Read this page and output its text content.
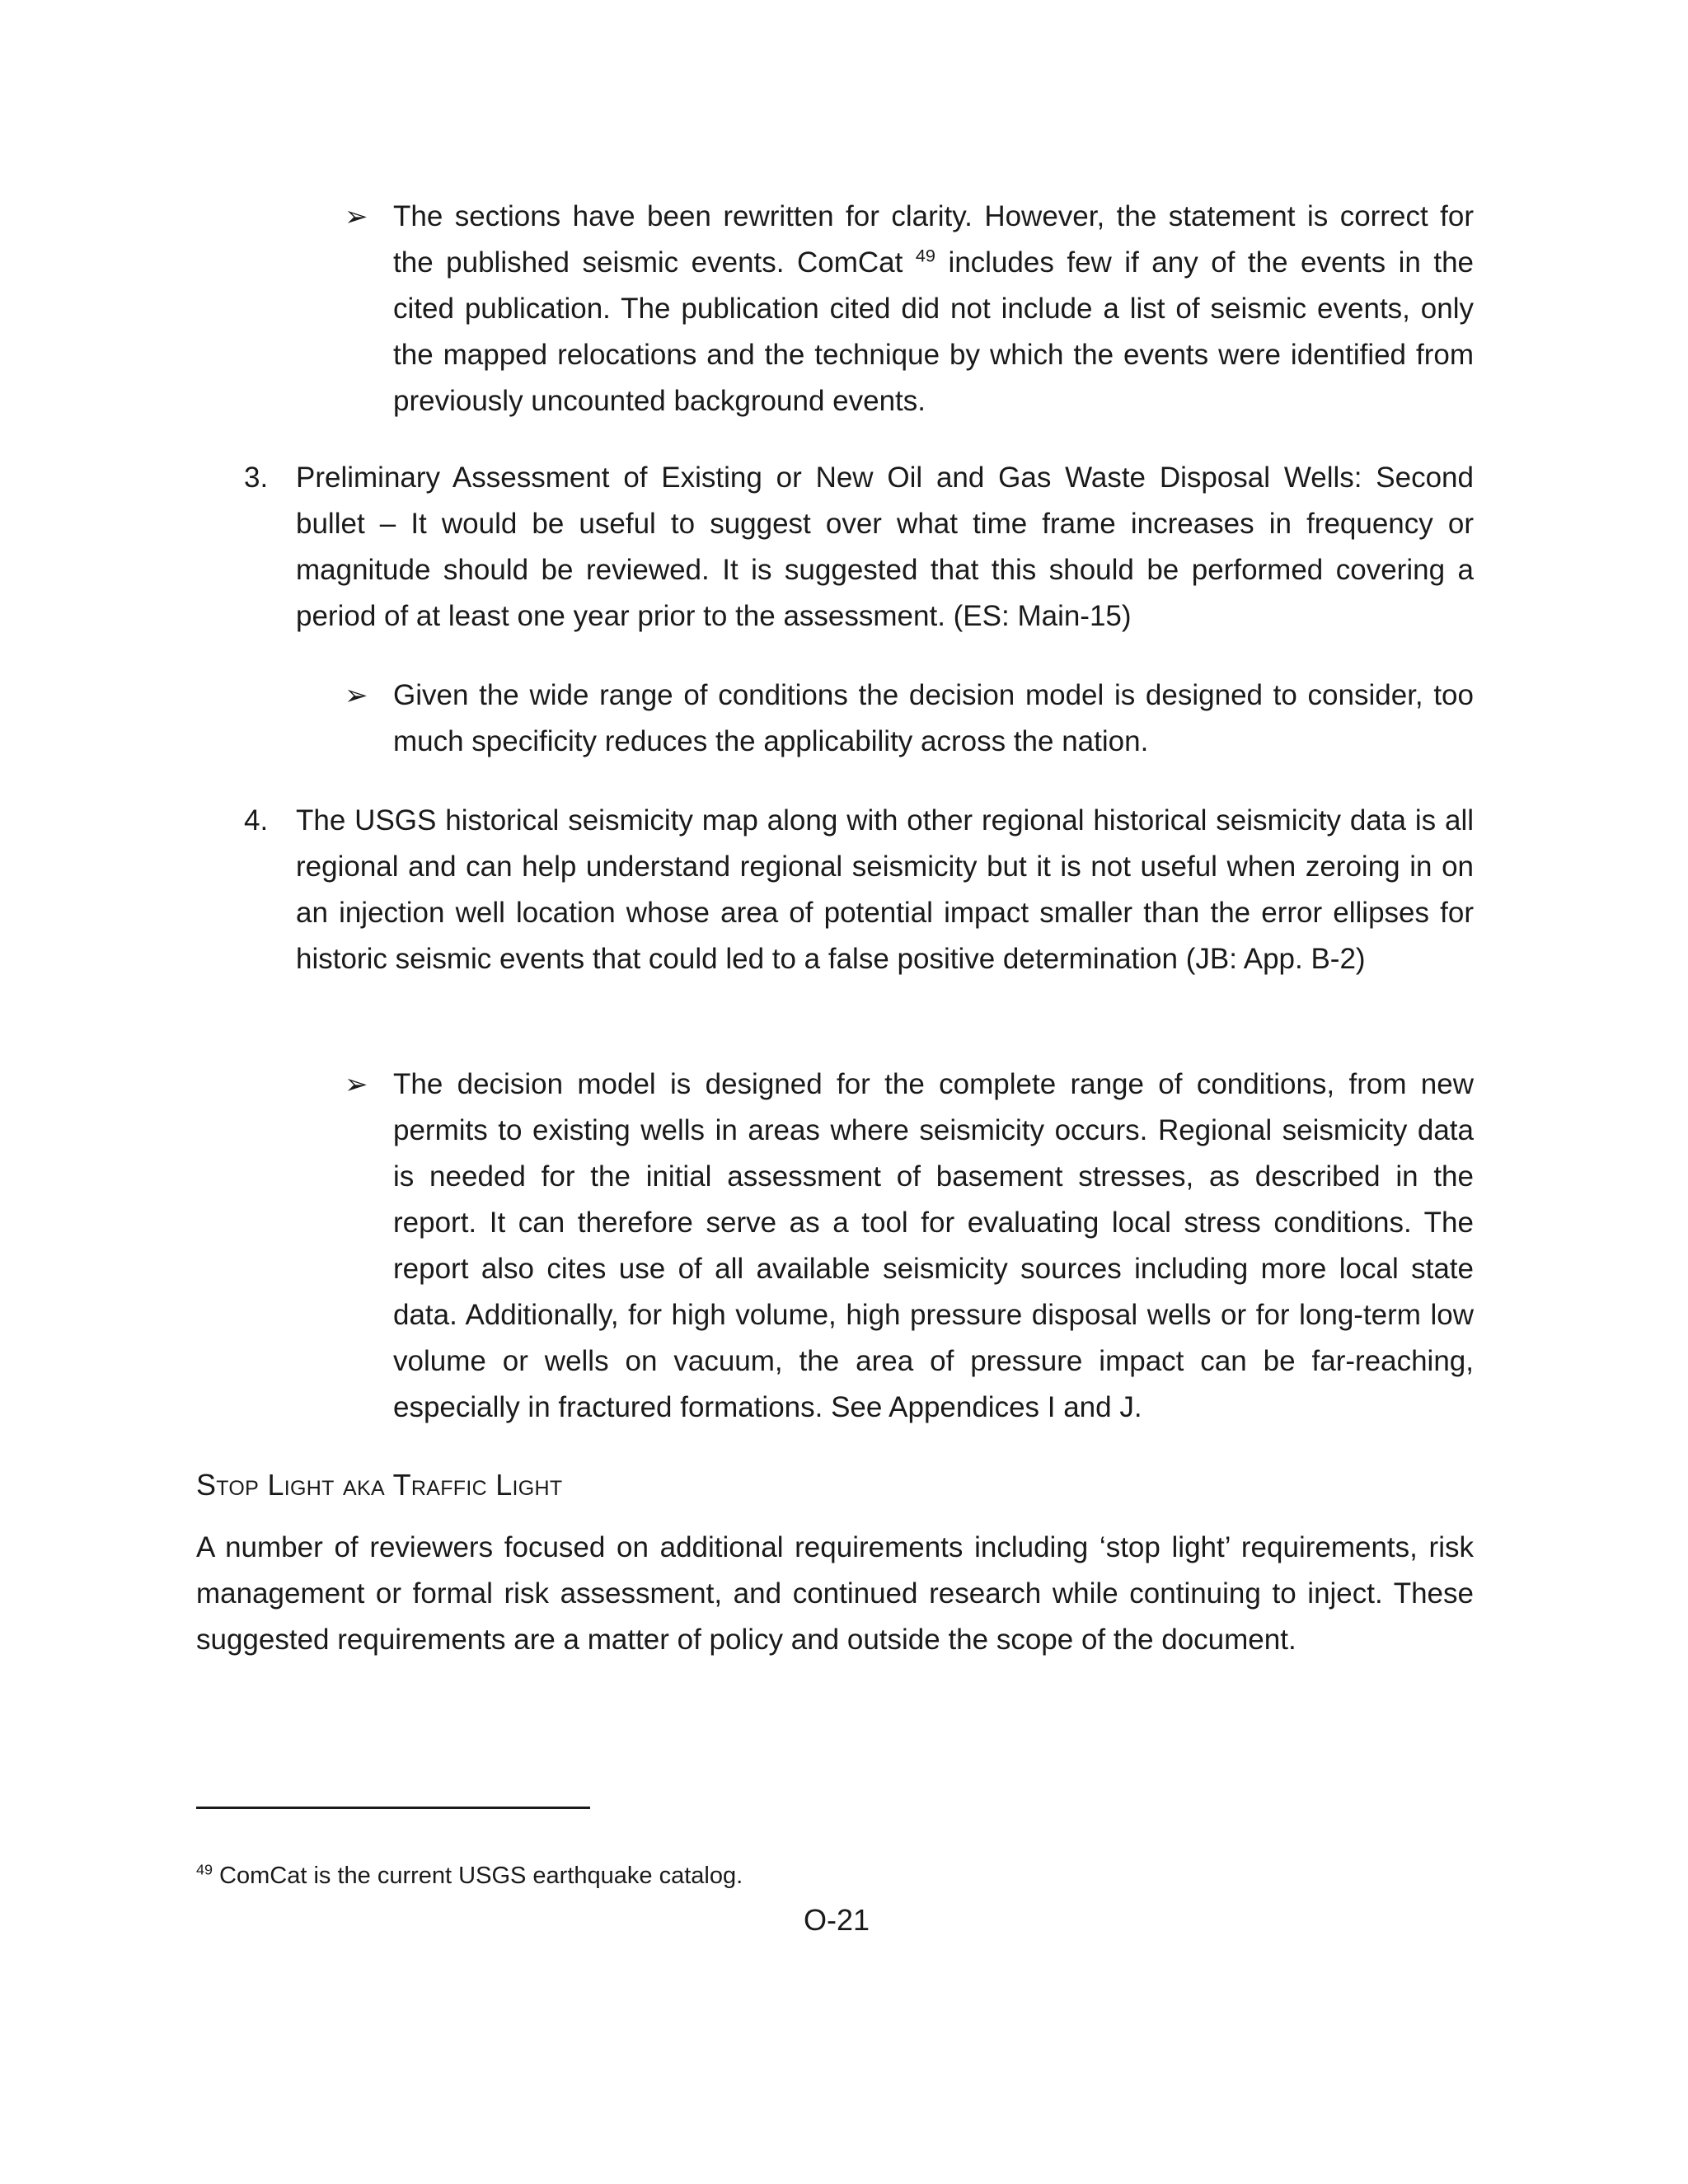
➢ The sections have been rewritten for clarity. However, the statement is correct for the published seismic events. ComCat $^{49}$ includes few if any of the events in the cited publication. The publication cited did not include a list of seismic events, only the mapped relocations and the technique by which the events were identified from previously uncounted background events.

3. Preliminary Assessment of Existing or New Oil and Gas Waste Disposal Wells: Second bullet – It would be useful to suggest over what time frame increases in frequency or magnitude should be reviewed. It is suggested that this should be performed covering a period of at least one year prior to the assessment. (ES: Main-15)

➢ Given the wide range of conditions the decision model is designed to consider, too much specificity reduces the applicability across the nation.

4. The USGS historical seismicity map along with other regional historical seismicity data is all regional and can help understand regional seismicity but it is not useful when zeroing in on an injection well location whose area of potential impact smaller than the error ellipses for historic seismic events that could led to a false positive determination (JB: App. B-2)

➢ The decision model is designed for the complete range of conditions, from new permits to existing wells in areas where seismicity occurs. Regional seismicity data is needed for the initial assessment of basement stresses, as described in the report. It can therefore serve as a tool for evaluating local stress conditions. The report also cites use of all available seismicity sources including more local state data. Additionally, for high volume, high pressure disposal wells or for long-term low volume or wells on vacuum, the area of pressure impact can be far-reaching, especially in fractured formations. See Appendices I and J.

Stop Light aka Traffic Light

A number of reviewers focused on additional requirements including ‘stop light’ requirements, risk management or formal risk assessment, and continued research while continuing to inject. These suggested requirements are a matter of policy and outside the scope of the document.

$^{49}$ ComCat is the current USGS earthquake catalog.
O-21
